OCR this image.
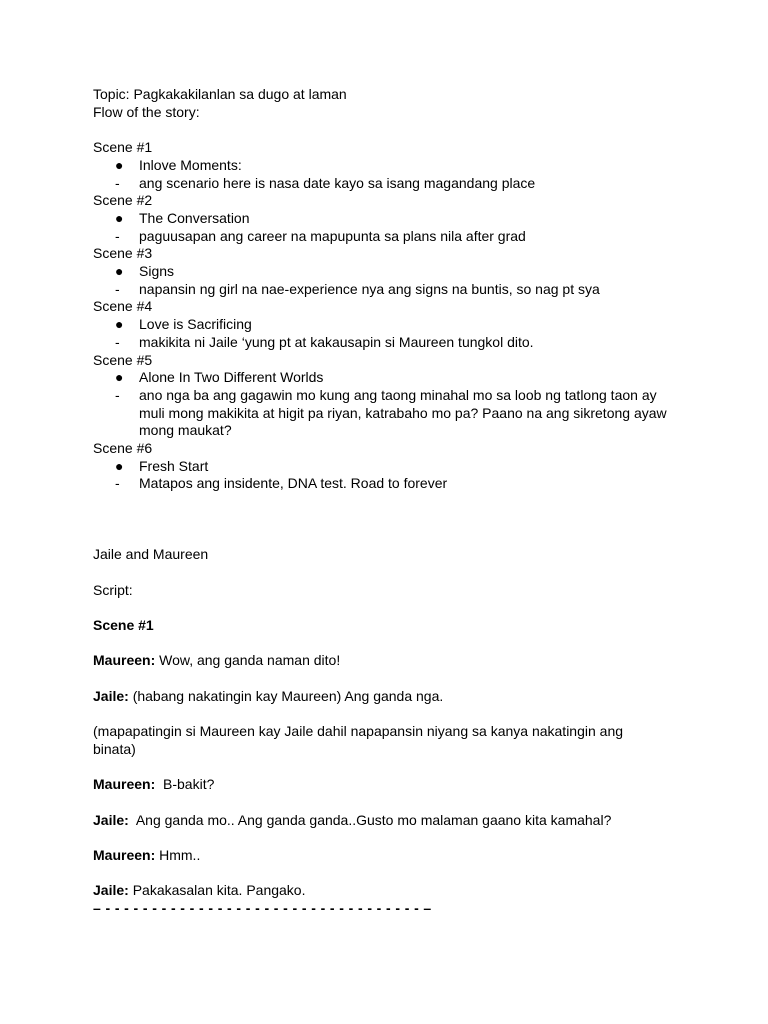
Topic: Pagkakakilanlan sa dugo at laman
Flow of the story:
Scene #1
● Inlove Moments:
- ang scenario here is nasa date kayo sa isang magandang place
Scene #2
● The Conversation
- paguusapan ang career na mapupunta sa plans nila after grad
Scene #3
● Signs
- napansin ng girl na nae-experience nya ang signs na buntis, so nag pt sya
Scene #4
● Love is Sacrificing
- makikita ni Jaile ‘yung pt at kakausapin si Maureen tungkol dito.
Scene #5
● Alone In Two Different Worlds
- ano nga ba ang gagawin mo kung ang taong minahal mo sa loob ng tatlong taon ay muli mong makikita at higit pa riyan, katrabaho mo pa? Paano na ang sikretong ayaw mong maukat?
Scene #6
● Fresh Start
- Matapos ang insidente, DNA test. Road to forever
Jaile and Maureen
Script:
Scene #1
Maureen: Wow, ang ganda naman dito!
Jaile: (habang nakatingin kay Maureen) Ang ganda nga.
(mapapatingin si Maureen kay Jaile dahil napapansin niyang sa kanya nakatingin ang binata)
Maureen:  B-bakit?
Jaile:  Ang ganda mo.. Ang ganda ganda..Gusto mo malaman gaano kita kamahal?
Maureen: Hmm..
Jaile: Pakakasalan kita. Pangako.
– - - - - - - - - - - - - - - - - - - - - - - - - - - - - - - - - - - –
